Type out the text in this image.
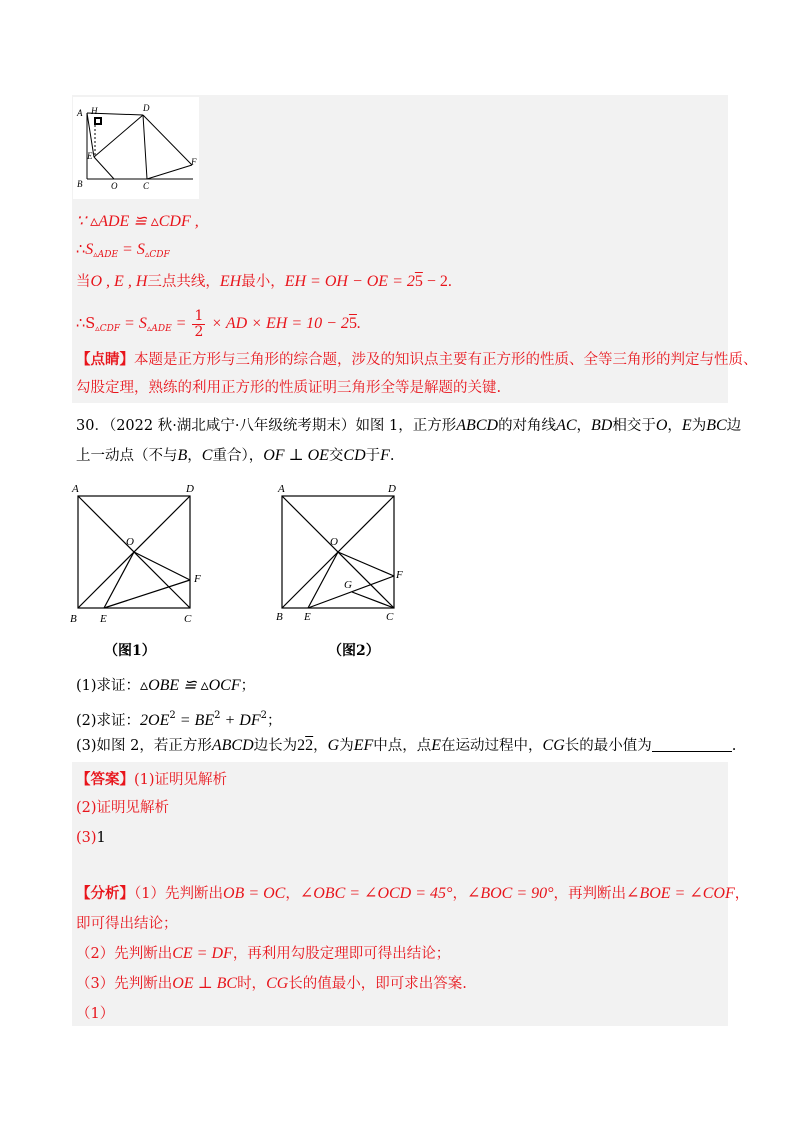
A H	D
E
F
B	O	C
∵ ▵ADE ≌ ▵CDF ,
$\therefore S_{▵ADE} = S_{▵CDF}$
当O , E , H三点共线，EH最小，EH = OH − OE = 25 − 2.
$\therefore S_{▵CDF} = S_{▵ADE} = \frac{1}{2}$ × AD × EH = 10 − 25.
【点睛】本题是正方形与三角形的综合题，涉及的知识点主要有正方形的性质、全等三角形的判定与性质、
勾股定理，熟练的利用正方形的性质证明三角形全等是解题的关键.
30．（2022 秋·湖北咸宁·八年级统考期末）如图 1，正方形ABCD的对角线AC，BD相交于O，E为BC边
上一动点（不与B，C重合），OF ⊥ OE交CD于F.
A	D
O
F
B E	C
（图1）
A	D
O
G
F
B E	C
（图2）
(1)求证：▵OBE ≌ ▵OCF；
(2)求证：$2OE^2 = BE^2 + DF^2$；
(3)如图 2，若正方形ABCD边长为22，G为EF中点，点E在运动过程中，CG长的最小值为	.
【答案】(1)证明见解析
(2)证明见解析
(3)1
【分析】（1）先判断出OB = OC，∠OBC = ∠OCD = 45°，∠BOC = 90°，再判断出∠BOE = ∠COF，
即可得出结论；
（2）先判断出CE = DF，再利用勾股定理即可得出结论；
（3）先判断出OE ⊥ BC时，CG长的值最小，即可求出答案.
（1）
